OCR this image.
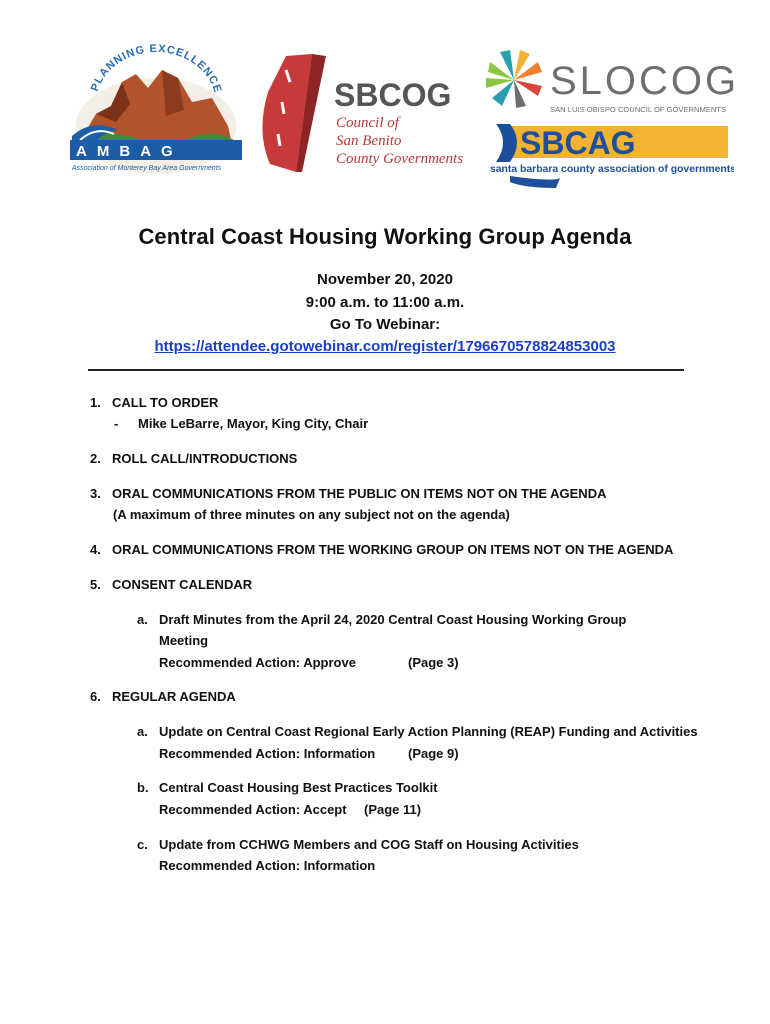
PLANNING EXCELLENCE
AMBAG
Association of Monterey Bay Area Governments
SBCOG
Council of
San Benito
County Governments
SLOCOG
SAN LUIS OBISPO COUNCIL OF GOVERNMENTS
SBCAG
santa barbara county association of governments
Central Coast Housing Working Group Agenda
November 20, 2020
9:00 a.m. to 11:00 a.m.
Go To Webinar:
https://attendee.gotowebinar.com/register/1796670578824853003
1. CALL TO ORDER
- Mike LeBarre, Mayor, King City, Chair
2. ROLL CALL/INTRODUCTIONS
3. ORAL COMMUNICATIONS FROM THE PUBLIC ON ITEMS NOT ON THE AGENDA
(A maximum of three minutes on any subject not on the agenda)
4. ORAL COMMUNICATIONS FROM THE WORKING GROUP ON ITEMS NOT ON THE AGENDA
5. CONSENT CALENDAR
a. Draft Minutes from the April 24, 2020 Central Coast Housing Working Group
Meeting
Recommended Action: Approve	(Page 3)
6. REGULAR AGENDA
a. Update on Central Coast Regional Early Action Planning (REAP) Funding and Activities
Recommended Action: Information	(Page 9)
b. Central Coast Housing Best Practices Toolkit
Recommended Action: Accept (Page 11)
c. Update from CCHWG Members and COG Staff on Housing Activities
Recommended Action: Information
